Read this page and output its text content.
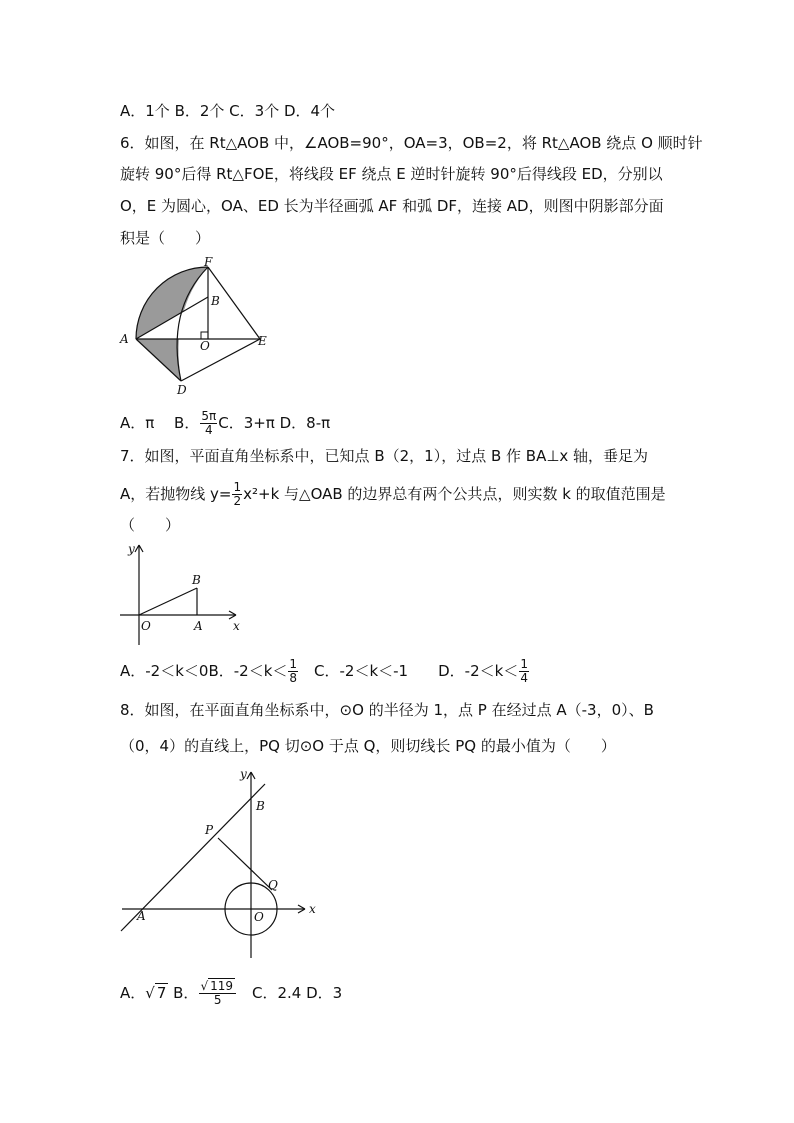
A．1个 B．2个 C．3个 D．4个
6．如图，在 Rt△AOB 中，∠AOB=90°，OA=3，OB=2，将 Rt△AOB 绕点 O 顺时针
旋转 90°后得 Rt△FOE，将线段 EF 绕点 E 逆时针旋转 90°后得线段 ED，分别以
O，E 为圆心，OA、ED 长为半径画弧 AF 和弧 DF，连接 AD，则图中阴影部分面
积是（　　）
F
B
A	O	E
D
A．π　 B． $\frac{5\pi}{4}$ C．3+π D．8-π
7．如图，平面直角坐标系中，已知点 B（2，1），过点 B 作 BA⊥x 轴，垂足为
A，若抛物线 $y= \frac{1}{2} x^2+k$ 与△OAB 的边界总有两个公共点，则实数 k 的取值范围是
（　　）
y
B
O	A	x
A．-2＜k＜0B．$-2<k< \frac{1}{8}$ 　C．-2＜k＜-1　　D．$-2<k< \frac{1}{4}$
8．如图，在平面直角坐标系中，⊙O 的半径为 1，点 P 在经过点 A（-3，0）、B
（0，4）的直线上，PQ 切⊙O 于点 Q，则切线长 PQ 的最小值为（　　）
y
B
P
Q
A	O
x
A．√ 7 B． $\frac{√ 119}{5}$ 　C．2.4 D．3
